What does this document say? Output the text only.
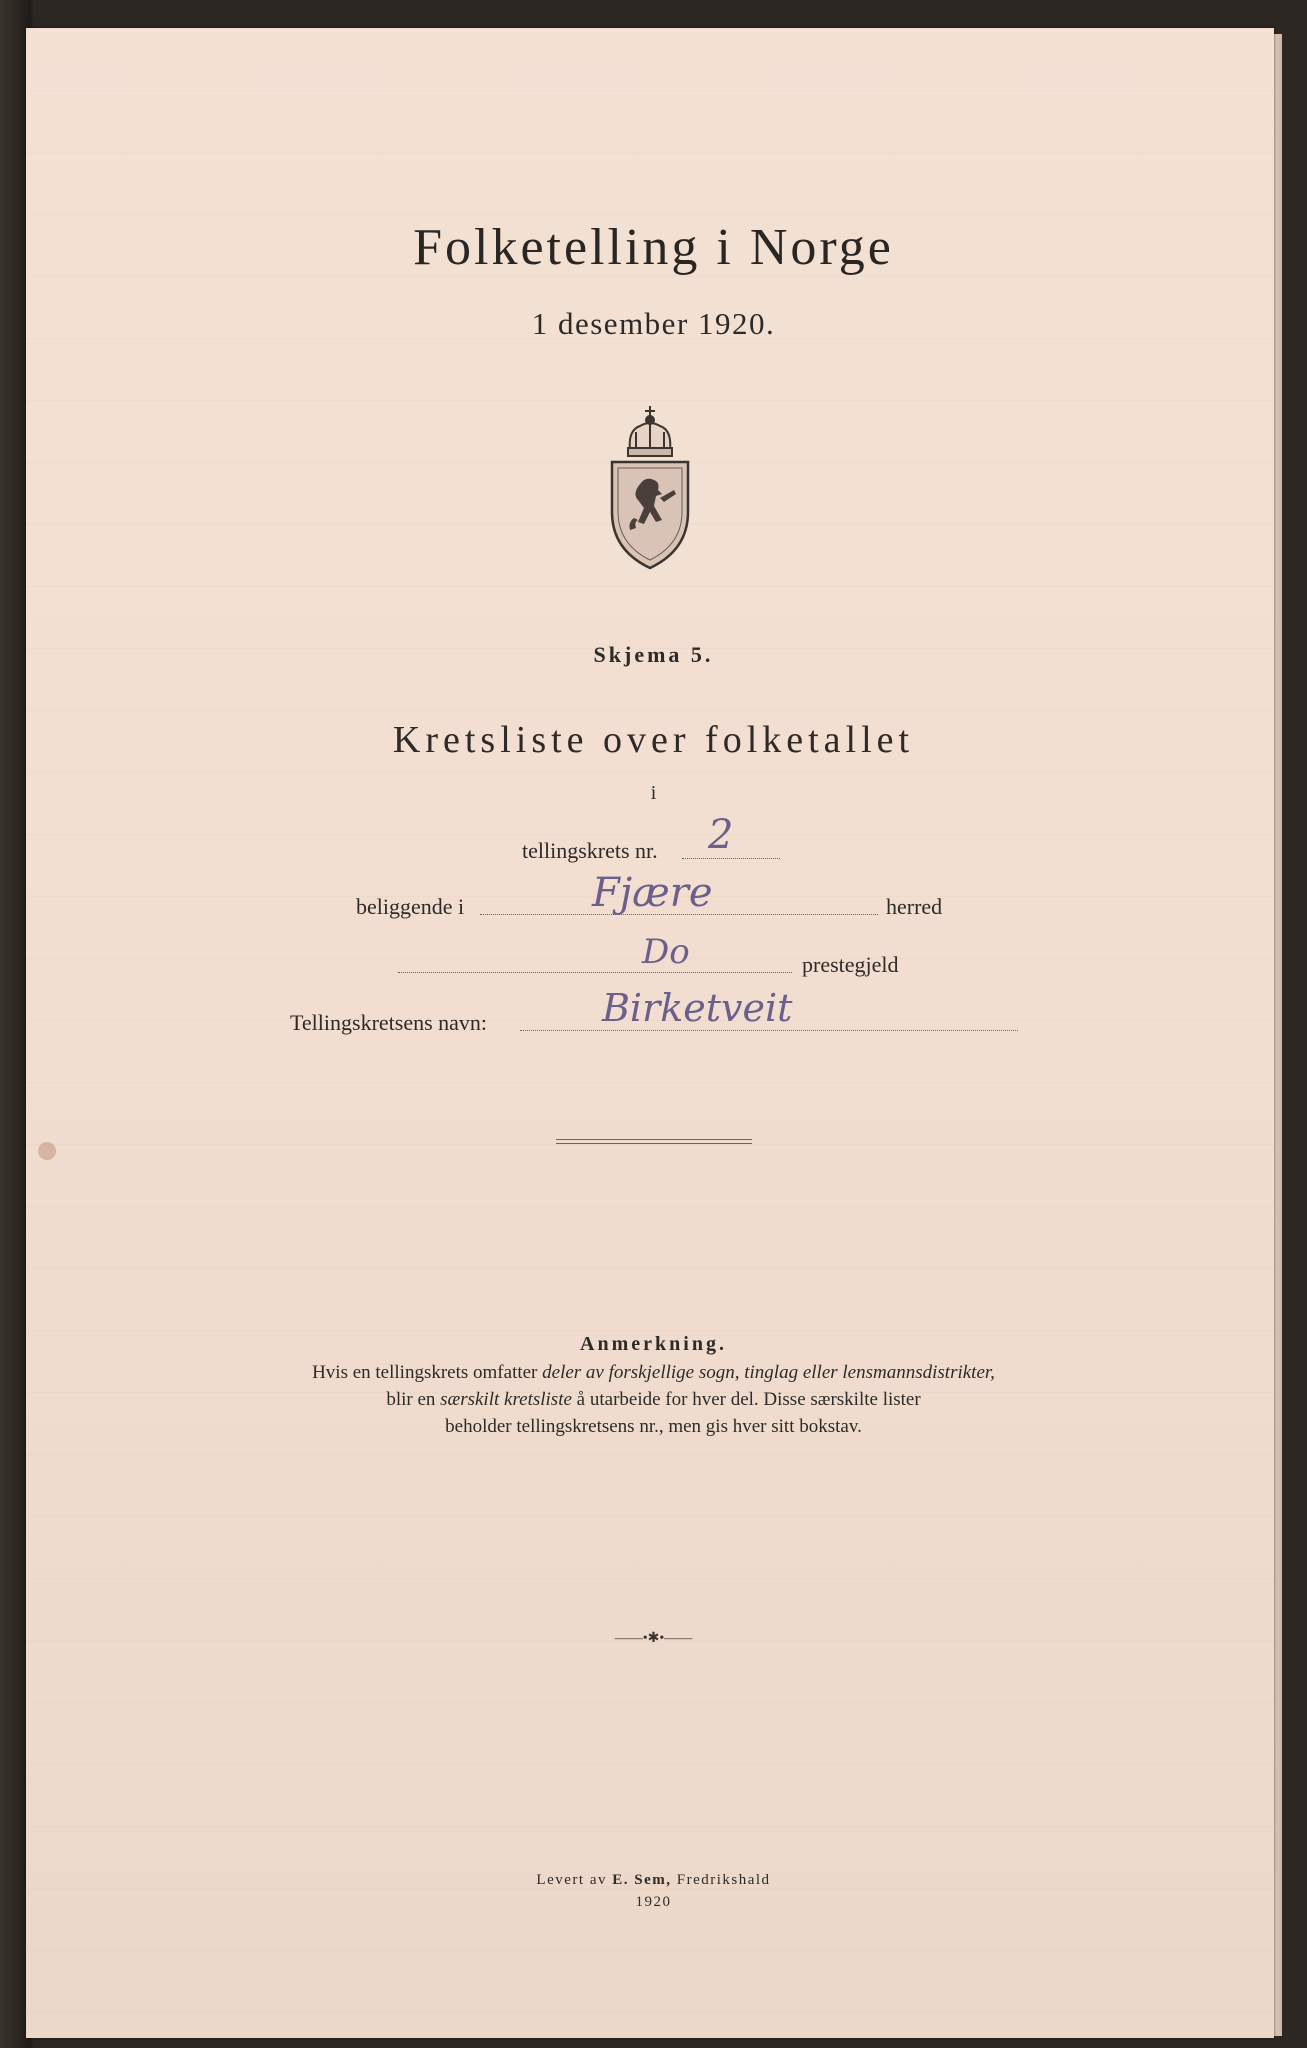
Folketelling i Norge
1 desember 1920.
Skjema 5.
Kretsliste over folketallet
i
tellingskrets nr. 2
beliggende i	Fjære	herred
Do	prestegjeld
Tellingskretsens navn:	Birketveit
Anmerkning.
Hvis en tellingskrets omfatter deler av forskjellige sogn, tinglag eller lensmannsdistrikter,
blir en særskilt kretsliste å utarbeide for hver del. Disse særskilte lister
beholder tellingskretsens nr., men gis hver sitt bokstav.
——•✱•——
Levert av E. Sem, Fredrikshald
1920
